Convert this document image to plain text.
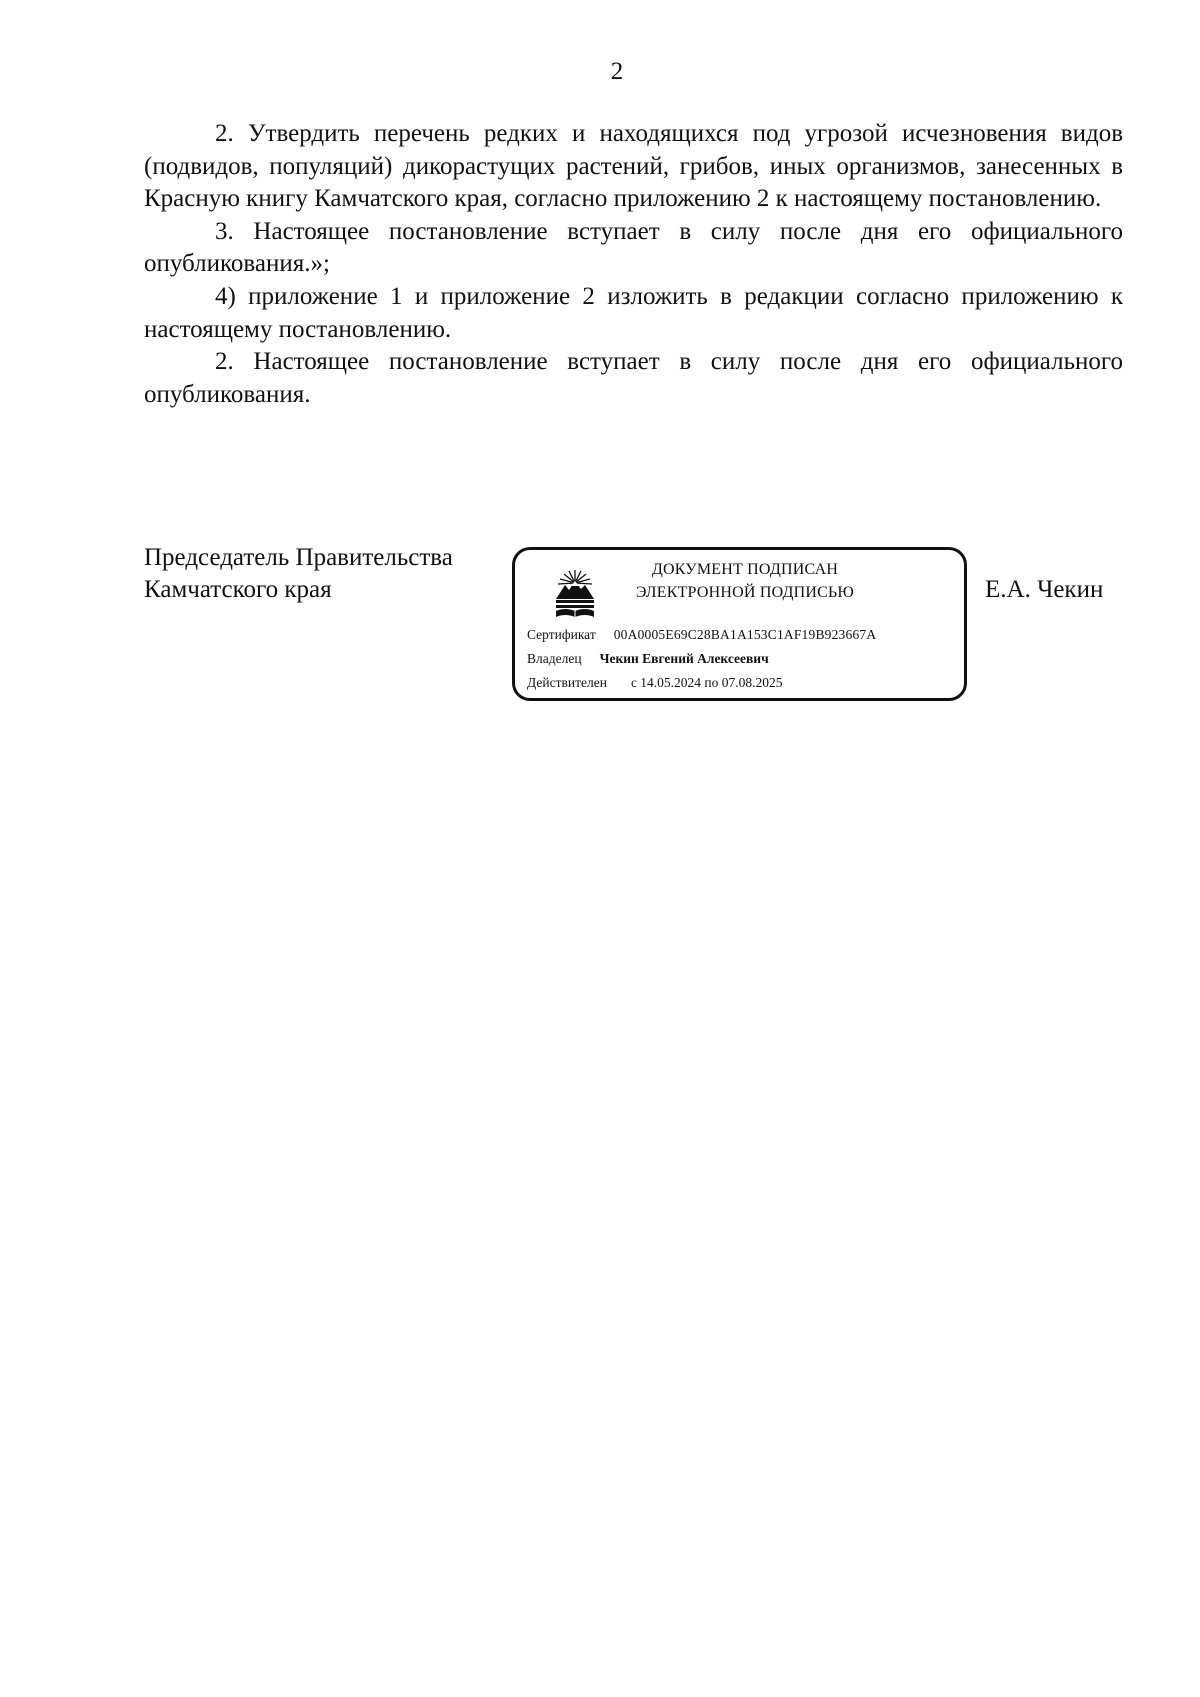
2

2. Утвердить перечень редких и находящихся под угрозой исчезновения видов (подвидов, популяций) дикорастущих растений, грибов, иных организмов, занесенных в Красную книгу Камчатского края, согласно приложению 2 к настоящему постановлению.

3. Настоящее постановление вступает в силу после дня его официального опубликования.»;

4) приложение 1 и приложение 2 изложить в редакции согласно приложению к настоящему постановлению.

2. Настоящее постановление вступает в силу после дня его официального опубликования.

Председатель Правительства
Камчатского края
ДОКУМЕНТ ПОДПИСАН
ЭЛЕКТРОННОЙ ПОДПИСЬЮ
Сертификат 00A0005E69C28BA1A153C1AF19B923667A
Владелец Чекин Евгений Алексеевич
Действителен с 14.05.2024 по 07.08.2025
Е.А. Чекин
